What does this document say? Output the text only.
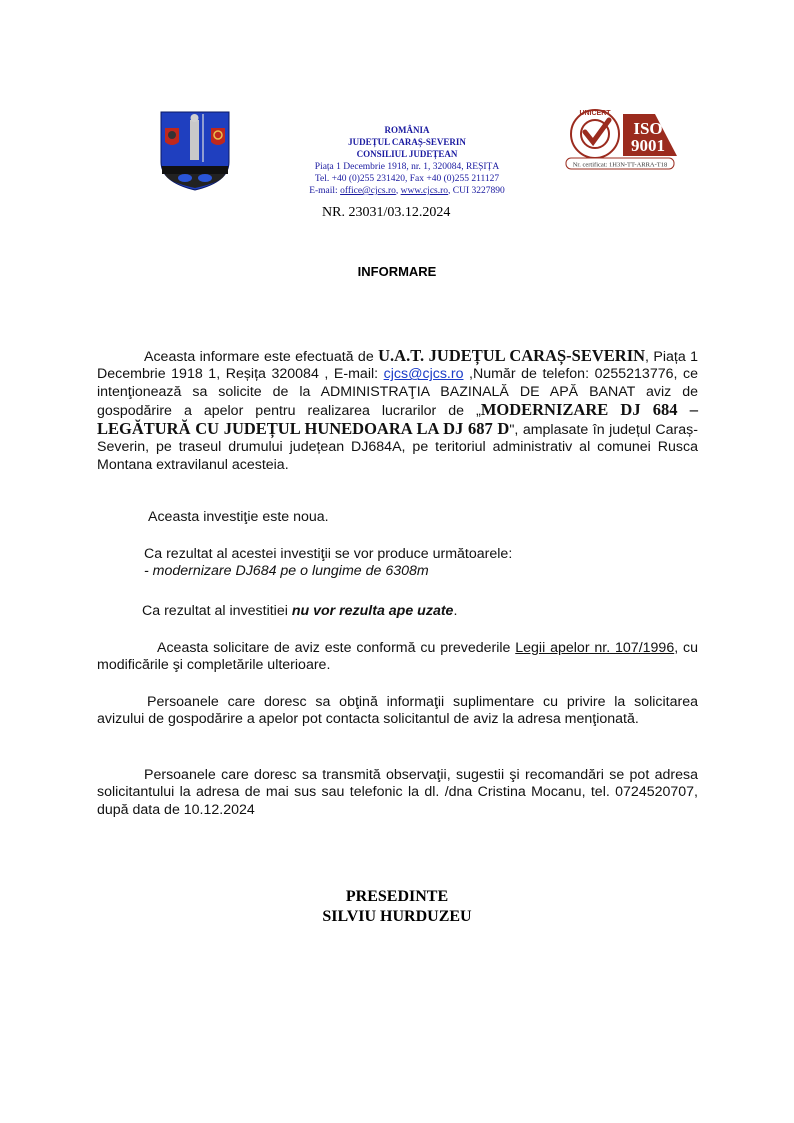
ROMÂNIA
JUDEȚUL CARAȘ-SEVERIN
CONSILIUL JUDEȚEAN
Piața 1 Decembrie 1918, nr. 1, 320084, REȘIȚA
Tel. +40 (0)255 231420, Fax +40 (0)255 211127
E-mail: office@cjcs.ro, www.cjcs.ro, CUI 3227890
UNICERT
ISO
9001
Nr. certificat: 1H3N-TT-ARRA-T18
NR. 23031/03.12.2024
INFORMARE
Aceasta informare este efectuată de U.A.T. JUDEȚUL CARAȘ-SEVERIN, Piața 1 Decembrie 1918 1, Reșița 320084 , E-mail: cjcs@cjcs.ro ,Număr de telefon: 0255213776, ce intenţionează sa solicite de la ADMINISTRAŢIA BAZINALĂ DE APĂ BANAT aviz de gospodărire a apelor pentru realizarea lucrarilor de „MODERNIZARE DJ 684 – LEGĂTURĂ CU JUDEȚUL HUNEDOARA LA DJ 687 D", amplasate în județul Caraș- Severin, pe traseul drumului județean DJ684A, pe teritoriul administrativ al comunei Rusca Montana extravilanul acesteia.
Aceasta investiţie este noua.
Ca rezultat al acestei investiţii se vor produce următoarele:
- modernizare DJ684 pe o lungime de 6308m
Ca rezultat al investitiei nu vor rezulta ape uzate.
Aceasta solicitare de aviz este conformă cu prevederile Legii apelor nr. 107/1996, cu modificările şi completările ulterioare.
Persoanele care doresc sa obţină informaţii suplimentare cu privire la solicitarea avizului de gospodărire a apelor pot contacta solicitantul de aviz la adresa menţionată.
Persoanele care doresc sa transmită observaţii, sugestii şi recomandări se pot adresa solicitantului la adresa de mai sus sau telefonic la dl. /dna Cristina Mocanu, tel. 0724520707, după data de 10.12.2024
PRESEDINTE
SILVIU HURDUZEU
